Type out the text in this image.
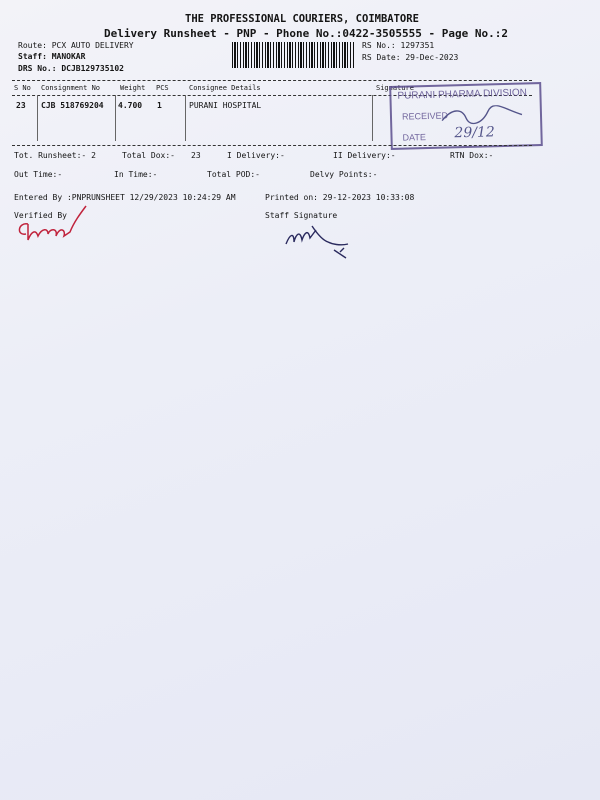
THE PROFESSIONAL COURIERS, COIMBATORE
Delivery Runsheet - PNP - Phone No.:0422-3505555 - Page No.:2
Route: PCX AUTO DELIVERY
Staff: MANOKAR
DRS No.: DCJB129735102
RS No.: 1297351
RS Date: 29-Dec-2023
S No Consignment No	Weight PCS	Consignee Details	Signature
23 CJB 518769204 4.700 1	PURANI HOSPITAL
PURANI PHARMA DIVISION
RECEIVED
DATE 29/12
Tot. Runsheet:- 2	Total Dox:- 23	I Delivery:-	II Delivery:-	RTN Dox:-
Out Time:-	In Time:-	Total POD:-	Delvy Points:-
Entered By :PNPRUNSHEET 12/29/2023 10:24:29 AM	Printed on: 29-12-2023 10:33:08
Verified By	Staff Signature
